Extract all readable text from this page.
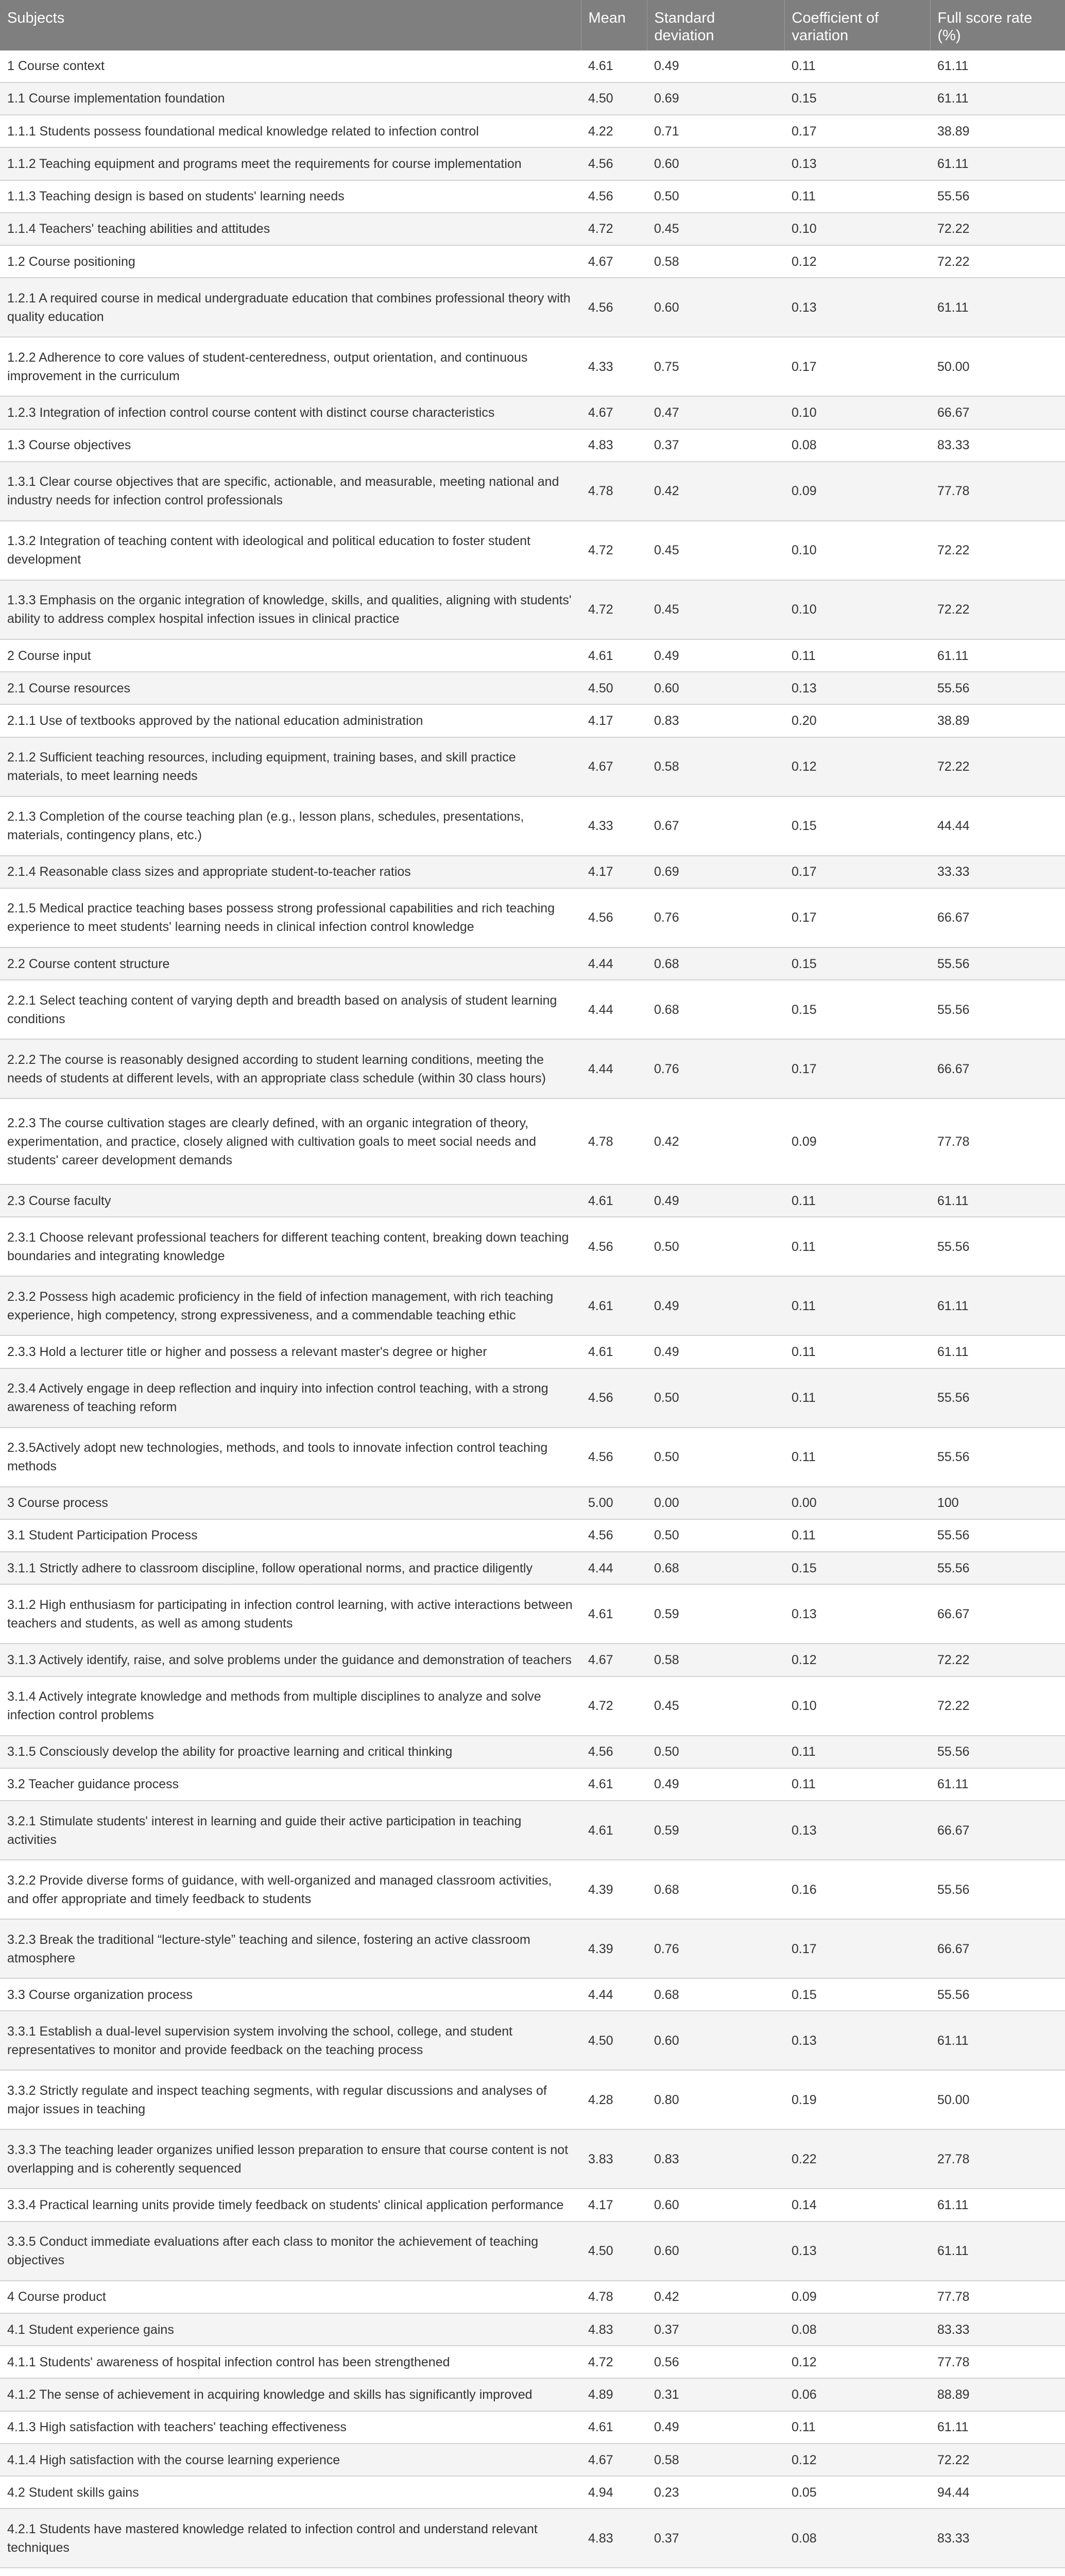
Subjects	Mean	Standard deviation	Coefficient of variation	Full score rate (%)
1 Course context	4.61	0.49	0.11	61.11
1.1 Course implementation foundation	4.50	0.69	0.15	61.11
1.1.1 Students possess foundational medical knowledge related to infection control	4.22	0.71	0.17	38.89
1.1.2 Teaching equipment and programs meet the requirements for course implementation	4.56	0.60	0.13	61.11
1.1.3 Teaching design is based on students' learning needs	4.56	0.50	0.11	55.56
1.1.4 Teachers' teaching abilities and attitudes	4.72	0.45	0.10	72.22
1.2 Course positioning	4.67	0.58	0.12	72.22
1.2.1 A required course in medical undergraduate education that combines professional theory with quality education	4.56	0.60	0.13	61.11
1.2.2 Adherence to core values of student-centeredness, output orientation, and continuous improvement in the curriculum	4.33	0.75	0.17	50.00
1.2.3 Integration of infection control course content with distinct course characteristics	4.67	0.47	0.10	66.67
1.3 Course objectives	4.83	0.37	0.08	83.33
1.3.1 Clear course objectives that are specific, actionable, and measurable, meeting national and industry needs for infection control professionals	4.78	0.42	0.09	77.78
1.3.2 Integration of teaching content with ideological and political education to foster student development	4.72	0.45	0.10	72.22
1.3.3 Emphasis on the organic integration of knowledge, skills, and qualities, aligning with students' ability to address complex hospital infection issues in clinical practice	4.72	0.45	0.10	72.22
2 Course input	4.61	0.49	0.11	61.11
2.1 Course resources	4.50	0.60	0.13	55.56
2.1.1 Use of textbooks approved by the national education administration	4.17	0.83	0.20	38.89
2.1.2 Sufficient teaching resources, including equipment, training bases, and skill practice materials, to meet learning needs	4.67	0.58	0.12	72.22
2.1.3 Completion of the course teaching plan (e.g., lesson plans, schedules, presentations, materials, contingency plans, etc.)	4.33	0.67	0.15	44.44
2.1.4 Reasonable class sizes and appropriate student-to-teacher ratios	4.17	0.69	0.17	33.33
2.1.5 Medical practice teaching bases possess strong professional capabilities and rich teaching experience to meet students' learning needs in clinical infection control knowledge	4.56	0.76	0.17	66.67
2.2 Course content structure	4.44	0.68	0.15	55.56
2.2.1 Select teaching content of varying depth and breadth based on analysis of student learning conditions	4.44	0.68	0.15	55.56
2.2.2 The course is reasonably designed according to student learning conditions, meeting the needs of students at different levels, with an appropriate class schedule (within 30 class hours)	4.44	0.76	0.17	66.67
2.2.3 The course cultivation stages are clearly defined, with an organic integration of theory, experimentation, and practice, closely aligned with cultivation goals to meet social needs and students' career development demands	4.78	0.42	0.09	77.78
2.3 Course faculty	4.61	0.49	0.11	61.11
2.3.1 Choose relevant professional teachers for different teaching content, breaking down teaching boundaries and integrating knowledge	4.56	0.50	0.11	55.56
2.3.2 Possess high academic proficiency in the field of infection management, with rich teaching experience, high competency, strong expressiveness, and a commendable teaching ethic	4.61	0.49	0.11	61.11
2.3.3 Hold a lecturer title or higher and possess a relevant master's degree or higher	4.61	0.49	0.11	61.11
2.3.4 Actively engage in deep reflection and inquiry into infection control teaching, with a strong awareness of teaching reform	4.56	0.50	0.11	55.56
2.3.5Actively adopt new technologies, methods, and tools to innovate infection control teaching methods	4.56	0.50	0.11	55.56
3 Course process	5.00	0.00	0.00	100
3.1 Student Participation Process	4.56	0.50	0.11	55.56
3.1.1 Strictly adhere to classroom discipline, follow operational norms, and practice diligently	4.44	0.68	0.15	55.56
3.1.2 High enthusiasm for participating in infection control learning, with active interactions between teachers and students, as well as among students	4.61	0.59	0.13	66.67
3.1.3 Actively identify, raise, and solve problems under the guidance and demonstration of teachers	4.67	0.58	0.12	72.22
3.1.4 Actively integrate knowledge and methods from multiple disciplines to analyze and solve infection control problems	4.72	0.45	0.10	72.22
3.1.5 Consciously develop the ability for proactive learning and critical thinking	4.56	0.50	0.11	55.56
3.2 Teacher guidance process	4.61	0.49	0.11	61.11
3.2.1 Stimulate students' interest in learning and guide their active participation in teaching activities	4.61	0.59	0.13	66.67
3.2.2 Provide diverse forms of guidance, with well-organized and managed classroom activities, and offer appropriate and timely feedback to students	4.39	0.68	0.16	55.56
3.2.3 Break the traditional “lecture-style” teaching and silence, fostering an active classroom atmosphere	4.39	0.76	0.17	66.67
3.3 Course organization process	4.44	0.68	0.15	55.56
3.3.1 Establish a dual-level supervision system involving the school, college, and student representatives to monitor and provide feedback on the teaching process	4.50	0.60	0.13	61.11
3.3.2 Strictly regulate and inspect teaching segments, with regular discussions and analyses of major issues in teaching	4.28	0.80	0.19	50.00
3.3.3 The teaching leader organizes unified lesson preparation to ensure that course content is not overlapping and is coherently sequenced	3.83	0.83	0.22	27.78
3.3.4 Practical learning units provide timely feedback on students' clinical application performance	4.17	0.60	0.14	61.11
3.3.5 Conduct immediate evaluations after each class to monitor the achievement of teaching objectives	4.50	0.60	0.13	61.11
4 Course product	4.78	0.42	0.09	77.78
4.1 Student experience gains	4.83	0.37	0.08	83.33
4.1.1 Students' awareness of hospital infection control has been strengthened	4.72	0.56	0.12	77.78
4.1.2 The sense of achievement in acquiring knowledge and skills has significantly improved	4.89	0.31	0.06	88.89
4.1.3 High satisfaction with teachers' teaching effectiveness	4.61	0.49	0.11	61.11
4.1.4 High satisfaction with the course learning experience	4.67	0.58	0.12	72.22
4.2 Student skills gains	4.94	0.23	0.05	94.44
4.2.1 Students have mastered knowledge related to infection control and understand relevant techniques	4.83	0.37	0.08	83.33
